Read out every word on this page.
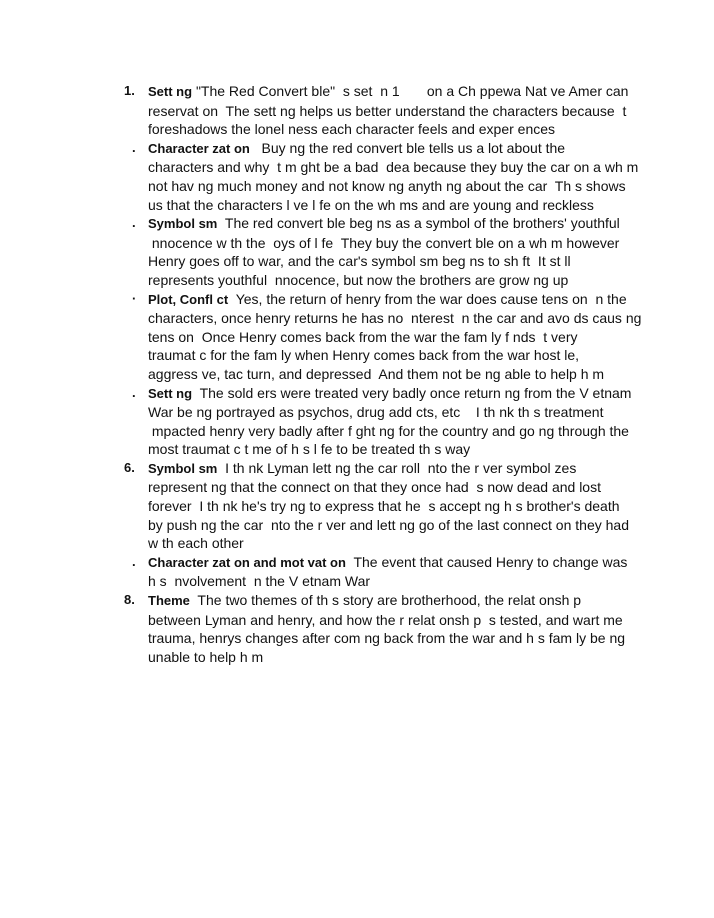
1.	Sett ng "The Red Convert ble"  s set  n 1       on a Ch ppewa Nat ve Amer can
reservat on  The sett ng helps us better understand the characters because  t
foreshadows the lonel ness each character feels and exper ences
. Character zat on   Buy ng the red convert ble tells us a lot about the
characters and why  t m ght be a bad  dea because they buy the car on a wh m
not hav ng much money and not know ng anyth ng about the car  Th s shows
us that the characters l ve l fe on the wh ms and are young and reckless
. Symbol sm  The red convert ble beg ns as a symbol of the brothers' youthful
nnocence w th the  oys of l fe  They buy the convert ble on a wh m however
Henry goes off to war, and the car's symbol sm beg ns to sh ft  It st ll
represents youthful  nnocence, but now the brothers are grow ng up
· Plot, Confl ct  Yes, the return of henry from the war does cause tens on  n the
characters, once henry returns he has no  nterest  n the car and avo ds caus ng
tens on  Once Henry comes back from the war the fam ly f nds  t very
traumat c for the fam ly when Henry comes back from the war host le,
aggress ve, tac turn, and depressed  And them not be ng able to help h m
. Sett ng  The sold ers were treated very badly once return ng from the V etnam
War be ng portrayed as psychos, drug add cts, etc    I th nk th s treatment
mpacted henry very badly after f ght ng for the country and go ng through the
most traumat c t me of h s l fe to be treated th s way
6.	Symbol sm  I th nk Lyman lett ng the car roll  nto the r ver symbol zes
represent ng that the connect on that they once had  s now dead and lost
forever  I th nk he's try ng to express that he  s accept ng h s brother's death
by push ng the car  nto the r ver and lett ng go of the last connect on they had
w th each other
. Character zat on and mot vat on  The event that caused Henry to change was
h s  nvolvement  n the V etnam War
8.	Theme  The two themes of th s story are brotherhood, the relat onsh p
between Lyman and henry, and how the r relat onsh p  s tested, and wart me
trauma, henrys changes after com ng back from the war and h s fam ly be ng
unable to help h m
